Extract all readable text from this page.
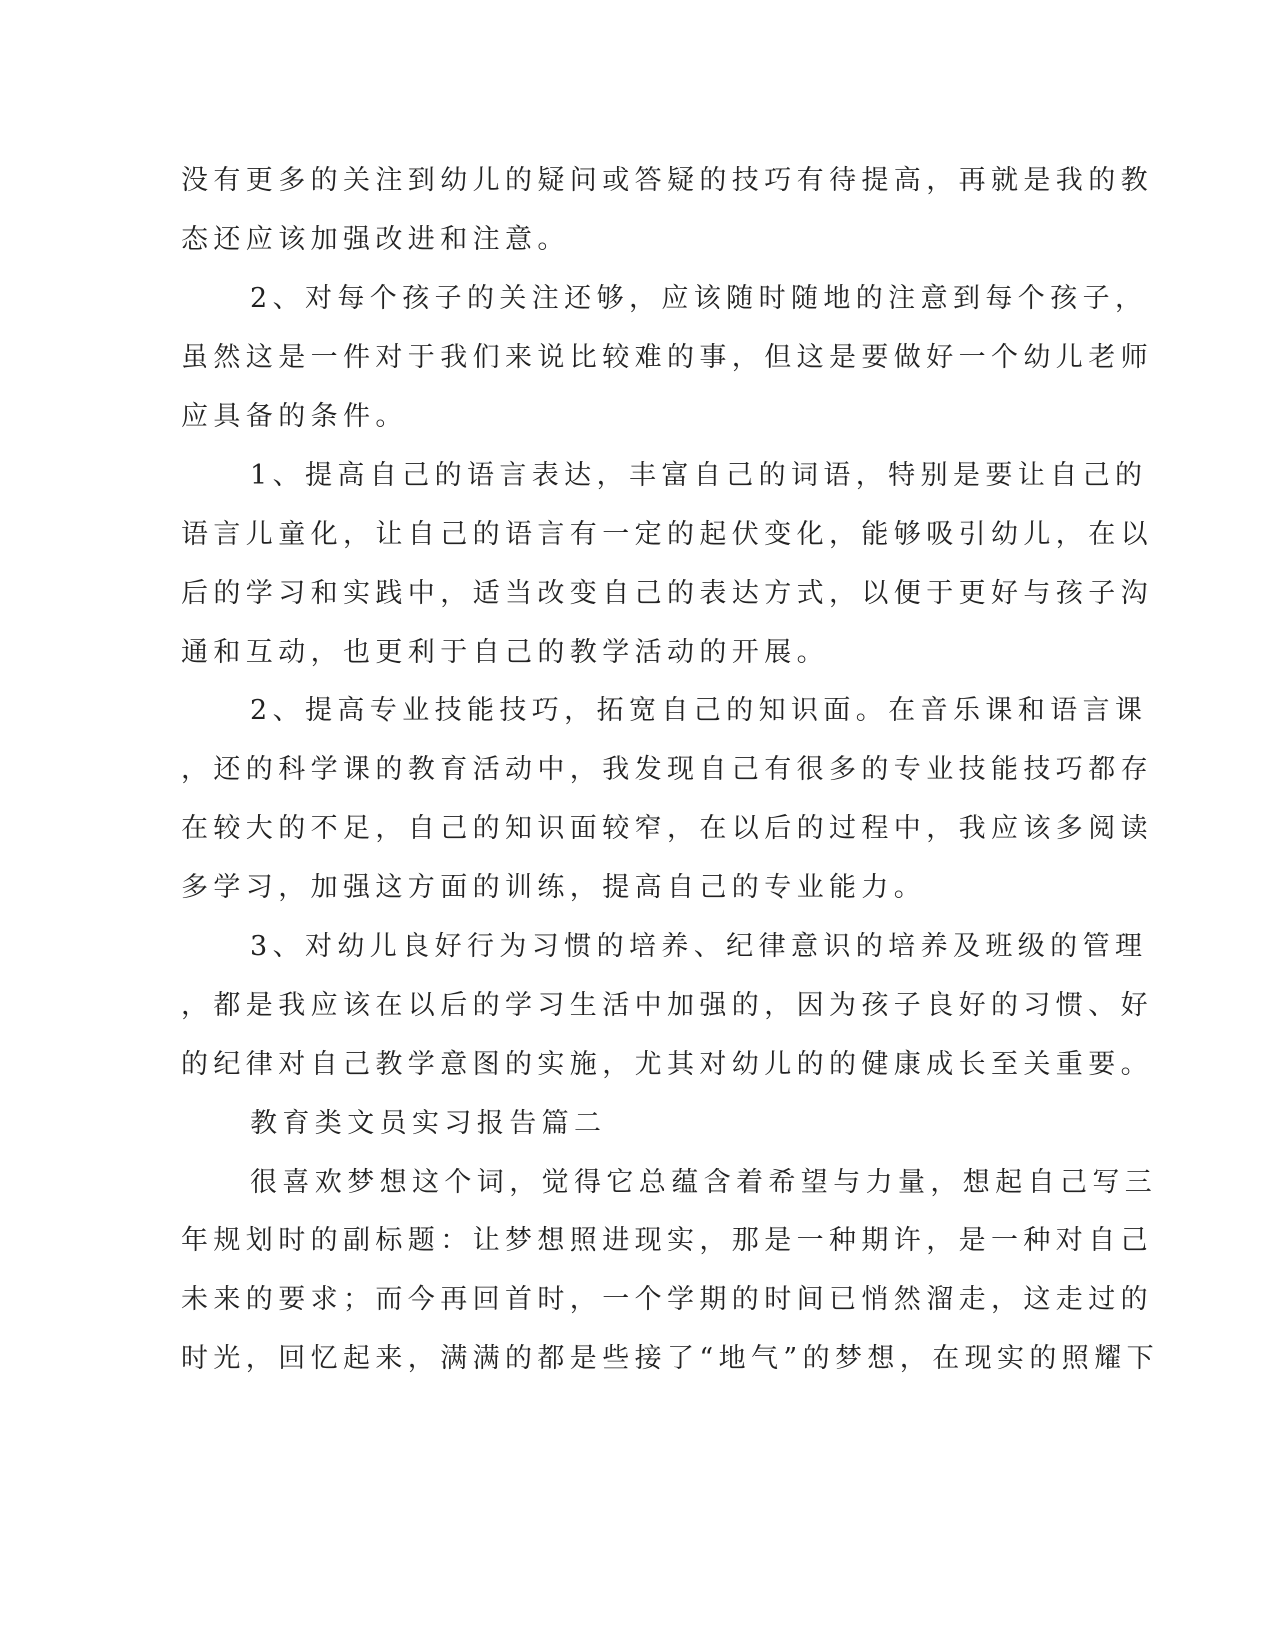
没有更多的关注到幼儿的疑问或答疑的技巧有待提高，再就是我的教
态还应该加强改进和注意。
2、对每个孩子的关注还够，应该随时随地的注意到每个孩子，
虽然这是一件对于我们来说比较难的事，但这是要做好一个幼儿老师
应具备的条件。
1、提高自己的语言表达，丰富自己的词语，特别是要让自己的
语言儿童化，让自己的语言有一定的起伏变化，能够吸引幼儿，在以
后的学习和实践中，适当改变自己的表达方式，以便于更好与孩子沟
通和互动，也更利于自己的教学活动的开展。
2、提高专业技能技巧，拓宽自己的知识面。在音乐课和语言课
，还的科学课的教育活动中，我发现自己有很多的专业技能技巧都存
在较大的不足，自己的知识面较窄，在以后的过程中，我应该多阅读
多学习，加强这方面的训练，提高自己的专业能力。
3、对幼儿良好行为习惯的培养、纪律意识的培养及班级的管理
，都是我应该在以后的学习生活中加强的，因为孩子良好的习惯、好
的纪律对自己教学意图的实施，尤其对幼儿的的健康成长至关重要。
教育类文员实习报告篇二
很喜欢梦想这个词，觉得它总蕴含着希望与力量，想起自己写三
年规划时的副标题：让梦想照进现实，那是一种期许，是一种对自己
未来的要求；而今再回首时，一个学期的时间已悄然溜走，这走过的
时光，回忆起来，满满的都是些接了“地气”的梦想，在现实的照耀下
